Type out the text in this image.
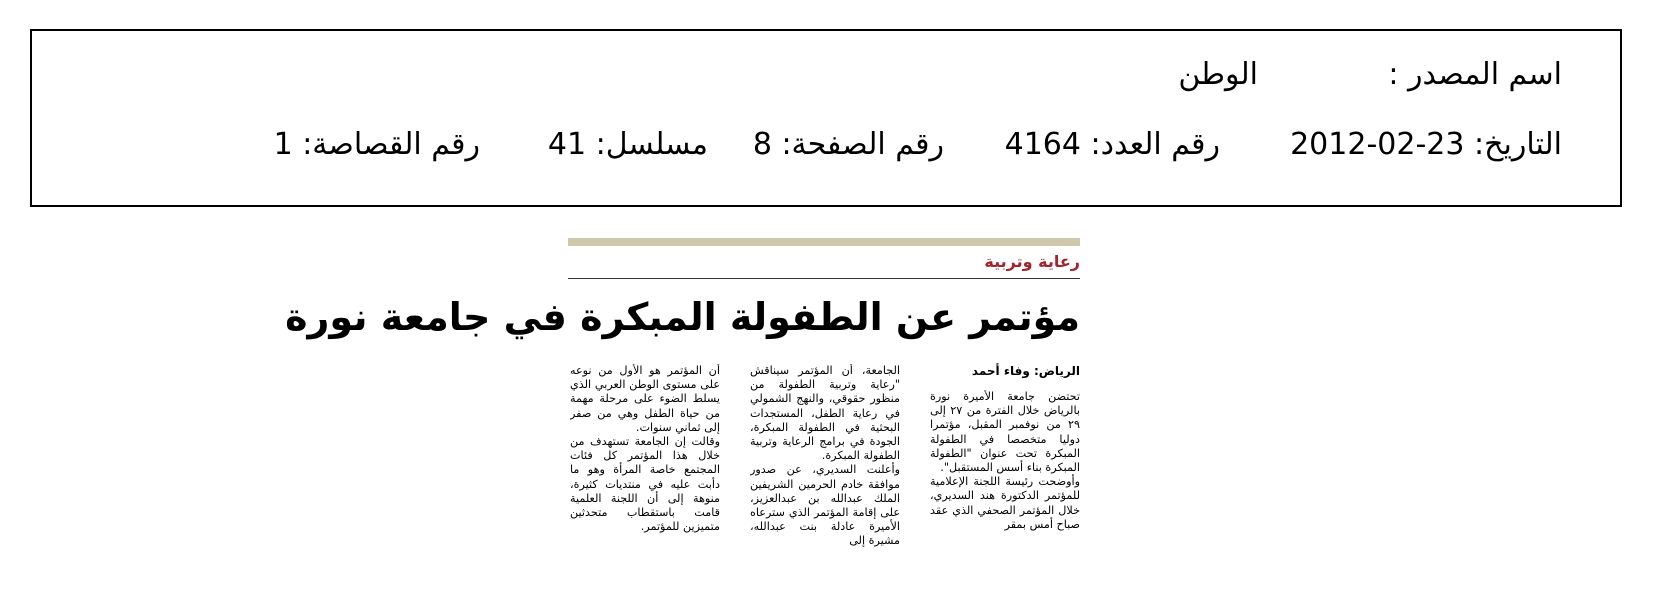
اسم المصدر :
الوطن
التاريخ: 23-02-2012
رقم العدد: 4164
رقم الصفحة: 8
مسلسل: 41
رقم القصاصة: 1
رعاية وتربية
مؤتمر عن الطفولة المبكرة في جامعة نورة
الرياض: وفاء أحمد

تحتضن جامعة الأميرة نورة بالرياض خلال الفترة من ٢٧ إلى ٢٩ من نوفمبر المقبل، مؤتمرا دوليا متخصصا في الطفولة المبكرة تحت عنوان "الطفولة المبكرة بناء أسس المستقبل".

وأوضحت رئيسة اللجنة الإعلامية للمؤتمر الدكتورة هند السديري، خلال المؤتمر الصحفي الذي عقد صباح أمس بمقر

الجامعة، أن المؤتمر سيناقش "رعاية وتربية الطفولة من منظور حقوقي، والنهج الشمولي في رعاية الطفل، المستجدات البحثية في الطفولة المبكرة، الجودة في برامج الرعاية وتربية الطفولة المبكرة.

وأعلنت السديري، عن صدور موافقة خادم الحرمين الشريفين الملك عبدالله بن عبدالعزيز، على إقامة المؤتمر الذي سترعاه الأميرة عادلة بنت عبدالله، مشيرة إلى

أن المؤتمر هو الأول من نوعه على مستوى الوطن العربي الذي يسلط الضوء على مرحلة مهمة من حياة الطفل وهي من صفر إلى ثماني سنوات.

وقالت إن الجامعة تستهدف من خلال هذا المؤتمر كل فئات المجتمع خاصة المرأة وهو ما دأبت عليه في منتديات كثيرة، منوهة إلى أن اللجنة العلمية قامت باستقطاب متحدثين متميزين للمؤتمر.
